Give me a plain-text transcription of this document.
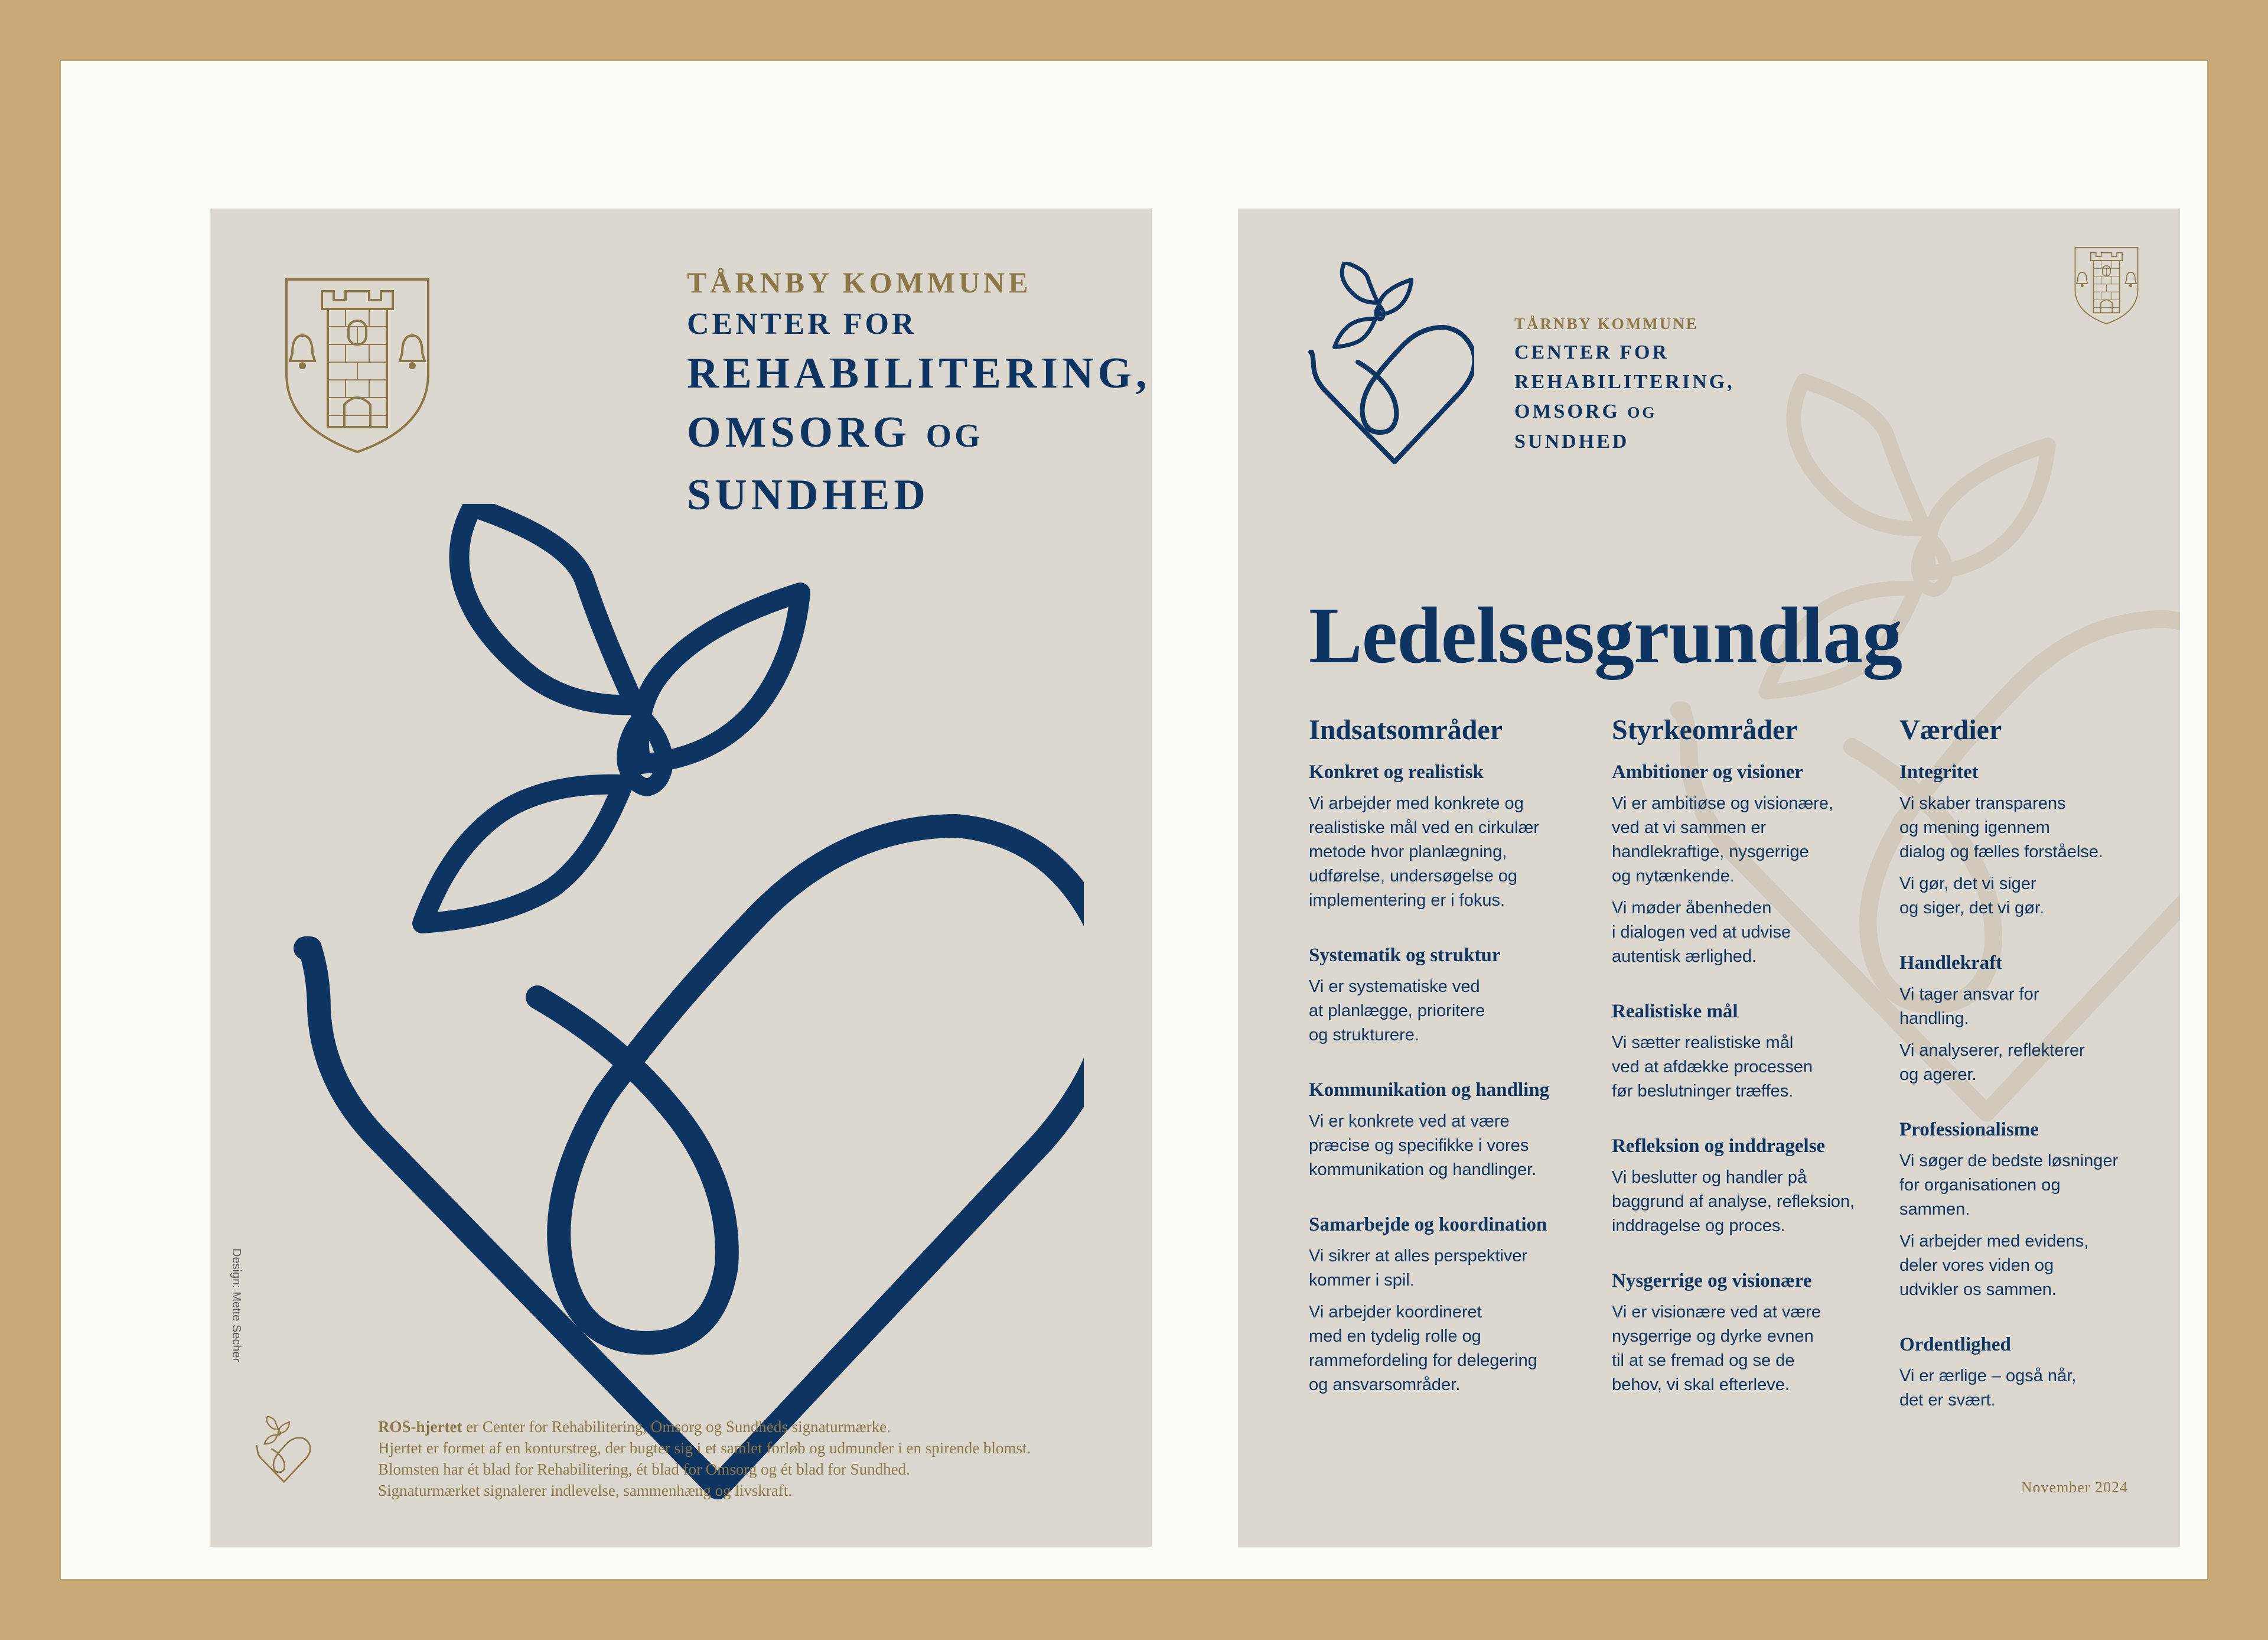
TÅRNBY KOMMUNE
CENTER FOR
REHABILITERING,
OMSORG OG
SUNDHED
Design: Mette Secher
ROS-hjertet er Center for Rehabilitering, Omsorg og Sundheds signaturmærke.
Hjertet er formet af en konturstreg, der bugter sig i et samlet forløb og udmunder i en spirende blomst.
Blomsten har ét blad for Rehabilitering, ét blad for Omsorg og ét blad for Sundhed.
Signaturmærket signalerer indlevelse, sammenhæng og livskraft.
TÅRNBY KOMMUNE
CENTER FOR
REHABILITERING,
OMSORG OG
SUNDHED
Ledelsesgrundlag
Indsatsområder
Konkret og realistisk

Vi arbejder med konkrete og
realistiske mål ved en cirkulær
metode hvor planlægning,
udførelse, undersøgelse og
implementering er i fokus.

Systematik og struktur

Vi er systematiske ved
at planlægge, prioritere
og strukturere.

Kommunikation og handling

Vi er konkrete ved at være
præcise og specifikke i vores
kommunikation og handlinger.

Samarbejde og koordination

Vi sikrer at alles perspektiver
kommer i spil.

Vi arbejder koordineret
med en tydelig rolle og
rammefordeling for delegering
og ansvarsområder.

Styrkeområder
Ambitioner og visioner

Vi er ambitiøse og visionære,
ved at vi sammen er
handlekraftige, nysgerrige
og nytænkende.

Vi møder åbenheden
i dialogen ved at udvise
autentisk ærlighed.

Realistiske mål

Vi sætter realistiske mål
ved at afdække processen
før beslutninger træffes.

Refleksion og inddragelse

Vi beslutter og handler på
baggrund af analyse, refleksion,
inddragelse og proces.

Nysgerrige og visionære

Vi er visionære ved at være
nysgerrige og dyrke evnen
til at se fremad og se de
behov, vi skal efterleve.

Værdier
Integritet

Vi skaber transparens
og mening igennem
dialog og fælles forståelse.

Vi gør, det vi siger
og siger, det vi gør.

Handlekraft

Vi tager ansvar for
handling.

Vi analyserer, reflekterer
og agerer.

Professionalisme

Vi søger de bedste løsninger
for organisationen og
sammen.

Vi arbejder med evidens,
deler vores viden og
udvikler os sammen.

Ordentlighed

Vi er ærlige – også når,
det er svært.

November 2024
